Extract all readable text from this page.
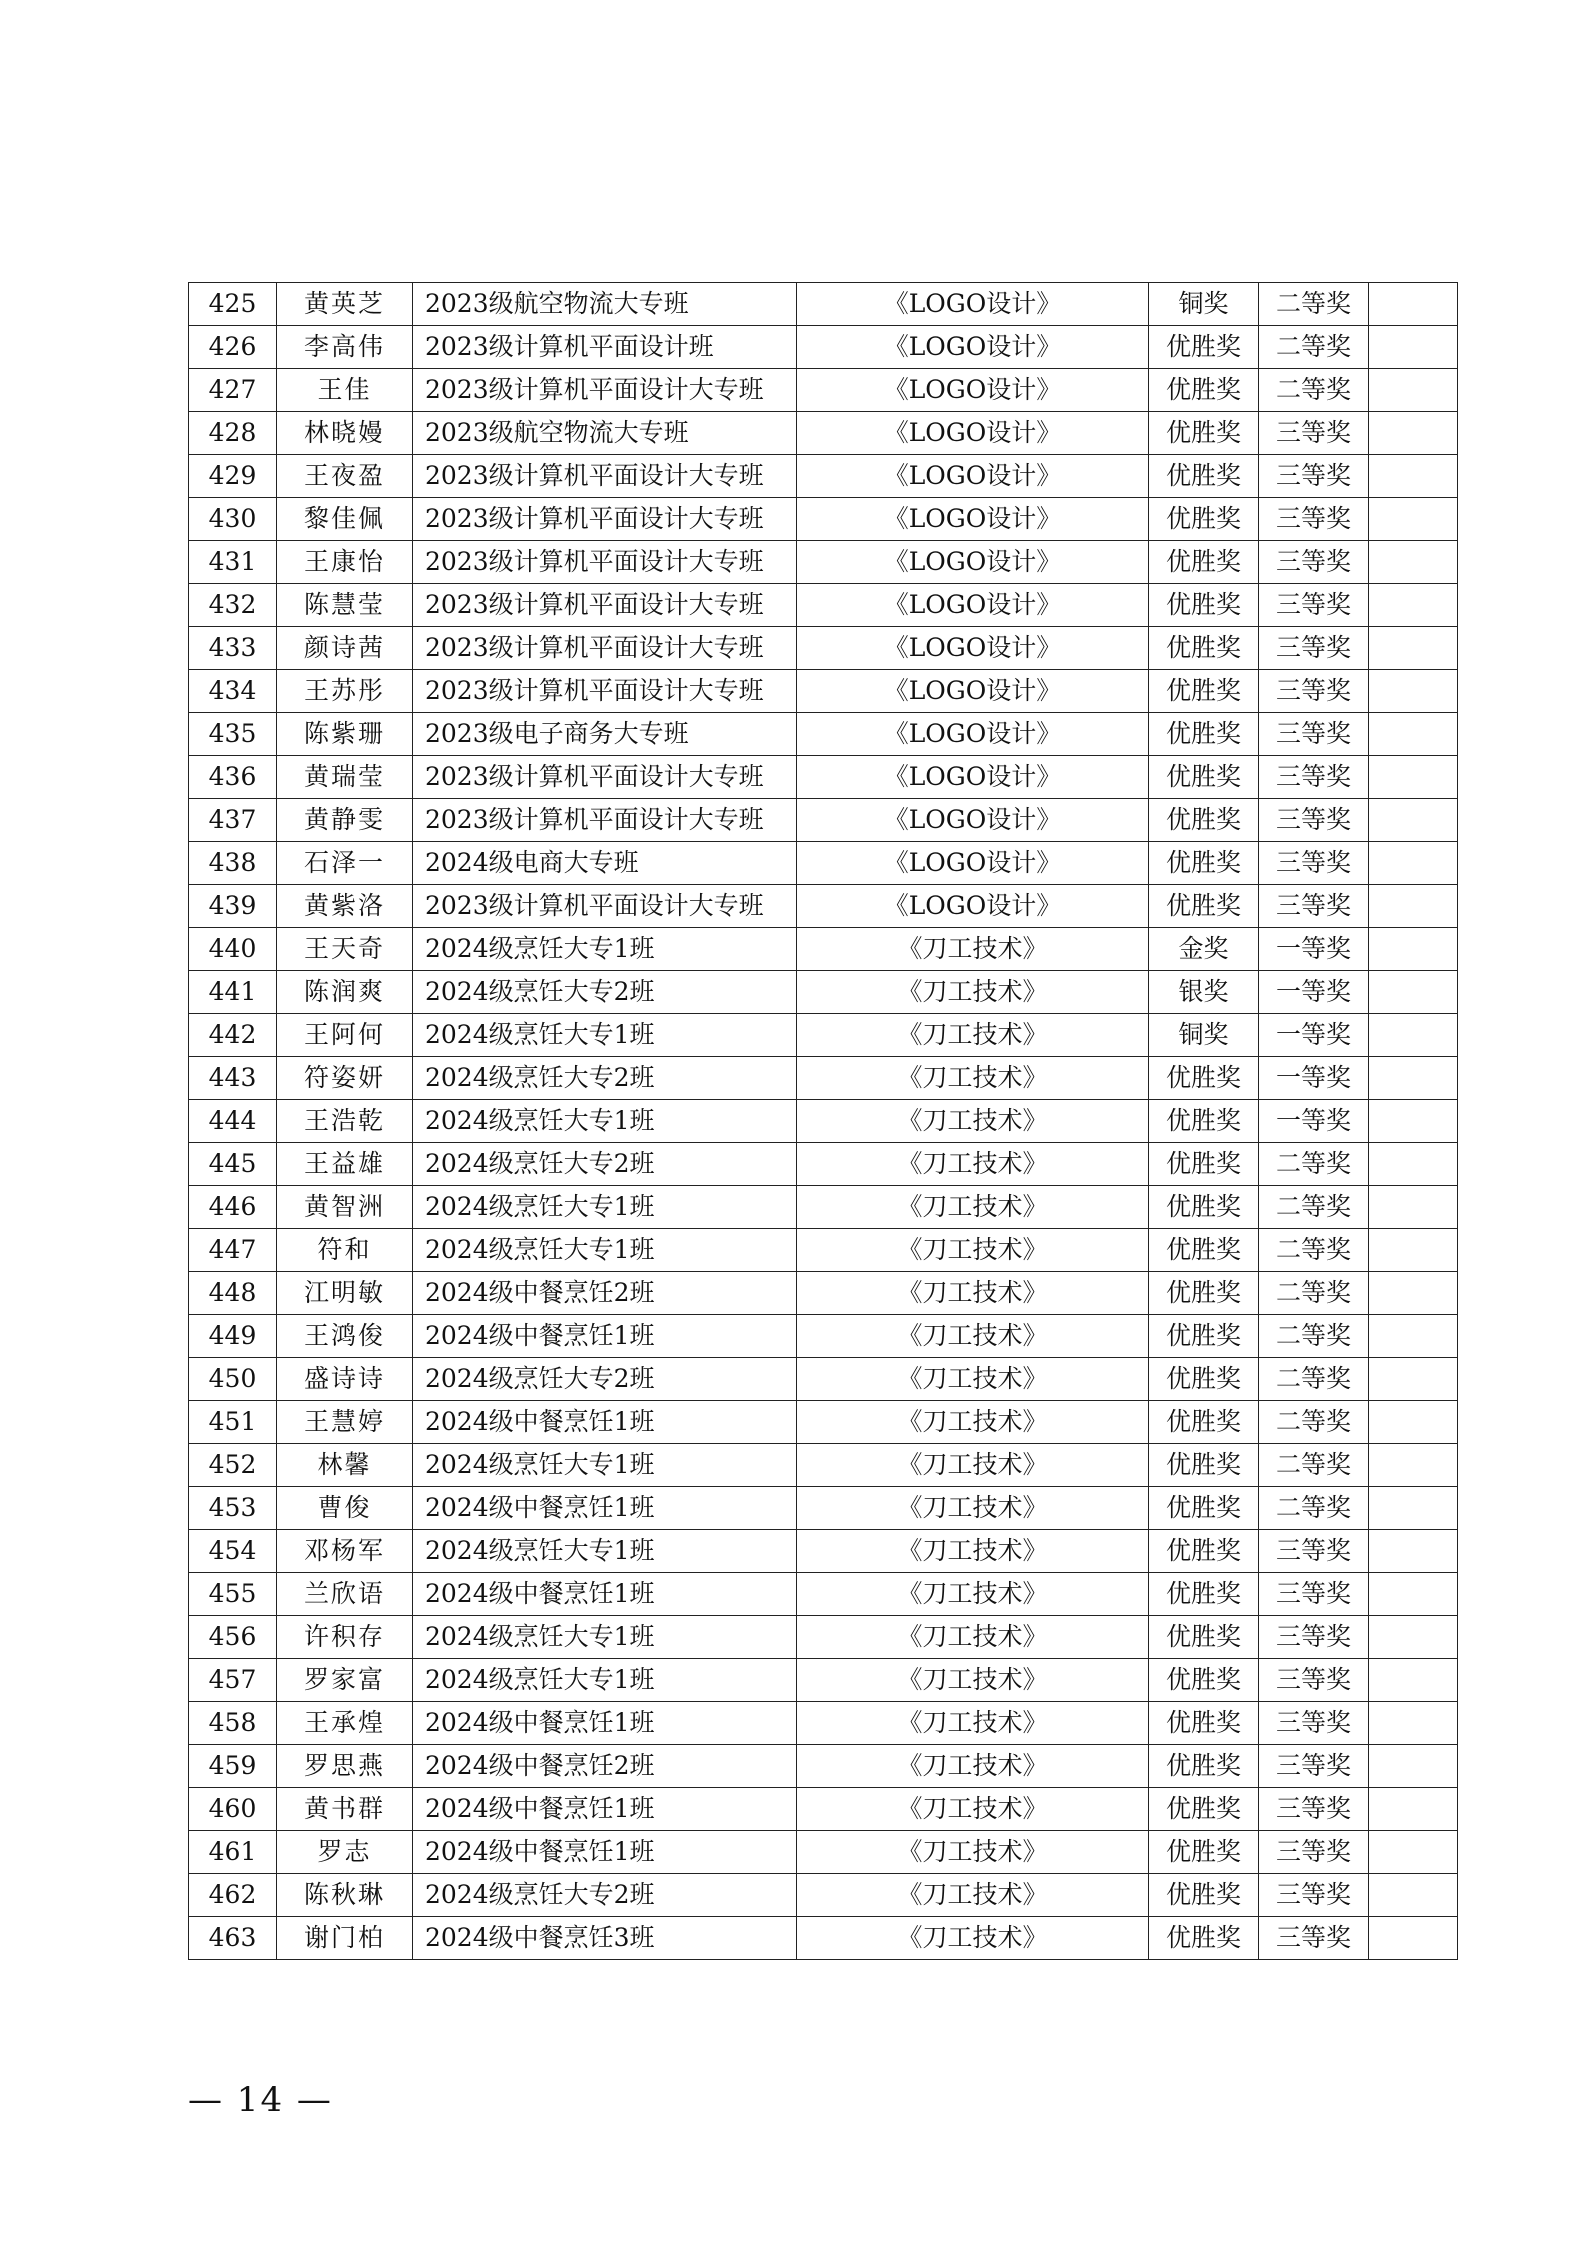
425	黄英芝	2023级航空物流大专班	《LOGO设计》	铜奖	二等奖	
426	李高伟	2023级计算机平面设计班	《LOGO设计》	优胜奖	二等奖	
427	王佳	2023级计算机平面设计大专班	《LOGO设计》	优胜奖	二等奖	
428	林晓嫚	2023级航空物流大专班	《LOGO设计》	优胜奖	三等奖	
429	王夜盈	2023级计算机平面设计大专班	《LOGO设计》	优胜奖	三等奖	
430	黎佳佩	2023级计算机平面设计大专班	《LOGO设计》	优胜奖	三等奖	
431	王康怡	2023级计算机平面设计大专班	《LOGO设计》	优胜奖	三等奖	
432	陈慧莹	2023级计算机平面设计大专班	《LOGO设计》	优胜奖	三等奖	
433	颜诗茜	2023级计算机平面设计大专班	《LOGO设计》	优胜奖	三等奖	
434	王苏彤	2023级计算机平面设计大专班	《LOGO设计》	优胜奖	三等奖	
435	陈紫珊	2023级电子商务大专班	《LOGO设计》	优胜奖	三等奖	
436	黄瑞莹	2023级计算机平面设计大专班	《LOGO设计》	优胜奖	三等奖	
437	黄静雯	2023级计算机平面设计大专班	《LOGO设计》	优胜奖	三等奖	
438	石泽一	2024级电商大专班	《LOGO设计》	优胜奖	三等奖	
439	黄紫洛	2023级计算机平面设计大专班	《LOGO设计》	优胜奖	三等奖	
440	王天奇	2024级烹饪大专1班	《刀工技术》	金奖	一等奖	
441	陈润爽	2024级烹饪大专2班	《刀工技术》	银奖	一等奖	
442	王阿何	2024级烹饪大专1班	《刀工技术》	铜奖	一等奖	
443	符姿妍	2024级烹饪大专2班	《刀工技术》	优胜奖	一等奖	
444	王浩乾	2024级烹饪大专1班	《刀工技术》	优胜奖	一等奖	
445	王益雄	2024级烹饪大专2班	《刀工技术》	优胜奖	二等奖	
446	黄智洲	2024级烹饪大专1班	《刀工技术》	优胜奖	二等奖	
447	符和	2024级烹饪大专1班	《刀工技术》	优胜奖	二等奖	
448	江明敏	2024级中餐烹饪2班	《刀工技术》	优胜奖	二等奖	
449	王鸿俊	2024级中餐烹饪1班	《刀工技术》	优胜奖	二等奖	
450	盛诗诗	2024级烹饪大专2班	《刀工技术》	优胜奖	二等奖	
451	王慧婷	2024级中餐烹饪1班	《刀工技术》	优胜奖	二等奖	
452	林馨	2024级烹饪大专1班	《刀工技术》	优胜奖	二等奖	
453	曹俊	2024级中餐烹饪1班	《刀工技术》	优胜奖	二等奖	
454	邓杨军	2024级烹饪大专1班	《刀工技术》	优胜奖	三等奖	
455	兰欣语	2024级中餐烹饪1班	《刀工技术》	优胜奖	三等奖	
456	许积存	2024级烹饪大专1班	《刀工技术》	优胜奖	三等奖	
457	罗家富	2024级烹饪大专1班	《刀工技术》	优胜奖	三等奖	
458	王承煌	2024级中餐烹饪1班	《刀工技术》	优胜奖	三等奖	
459	罗思燕	2024级中餐烹饪2班	《刀工技术》	优胜奖	三等奖	
460	黄书群	2024级中餐烹饪1班	《刀工技术》	优胜奖	三等奖	
461	罗志	2024级中餐烹饪1班	《刀工技术》	优胜奖	三等奖	
462	陈秋琳	2024级烹饪大专2班	《刀工技术》	优胜奖	三等奖	
463	谢门柏	2024级中餐烹饪3班	《刀工技术》	优胜奖	三等奖	
— 14 —
